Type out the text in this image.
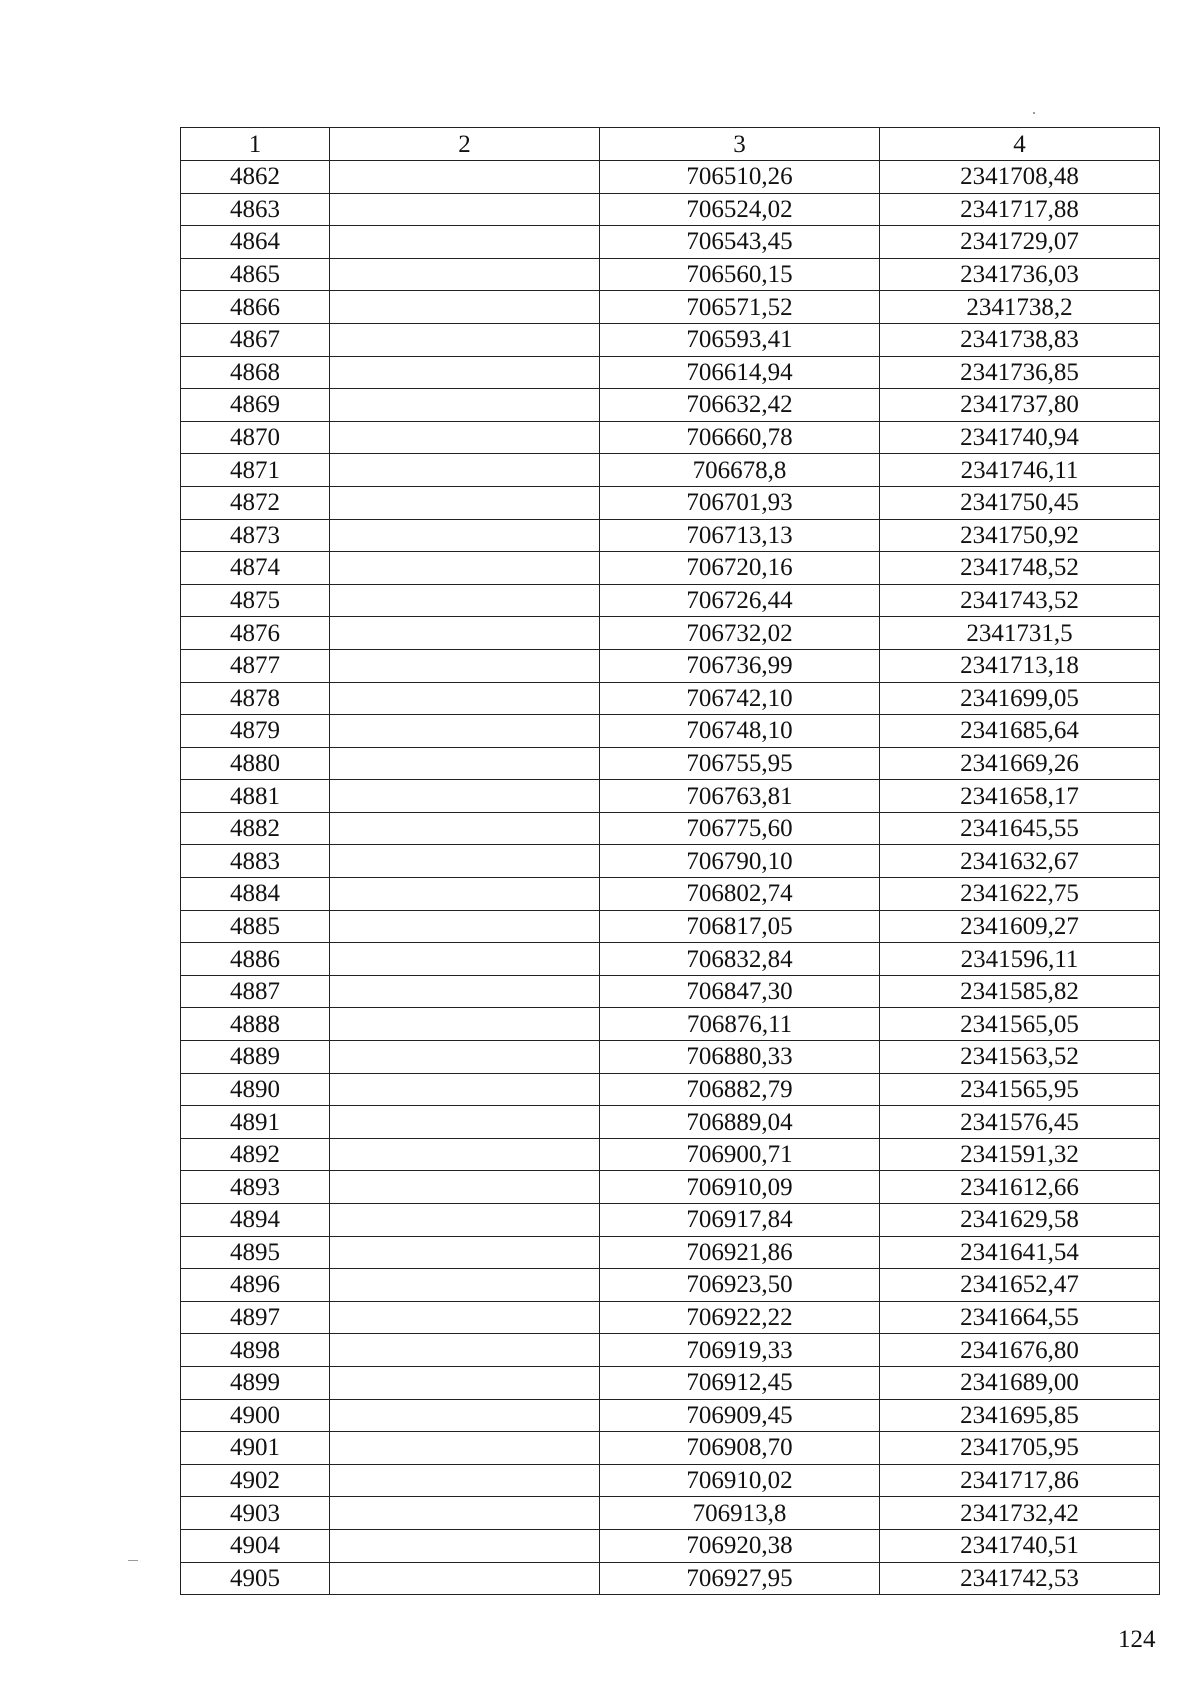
1	2	3	4
4862		706510,26	2341708,48
4863		706524,02	2341717,88
4864		706543,45	2341729,07
4865		706560,15	2341736,03
4866		706571,52	2341738,2
4867		706593,41	2341738,83
4868		706614,94	2341736,85
4869		706632,42	2341737,80
4870		706660,78	2341740,94
4871		706678,8	2341746,11
4872		706701,93	2341750,45
4873		706713,13	2341750,92
4874		706720,16	2341748,52
4875		706726,44	2341743,52
4876		706732,02	2341731,5
4877		706736,99	2341713,18
4878		706742,10	2341699,05
4879		706748,10	2341685,64
4880		706755,95	2341669,26
4881		706763,81	2341658,17
4882		706775,60	2341645,55
4883		706790,10	2341632,67
4884		706802,74	2341622,75
4885		706817,05	2341609,27
4886		706832,84	2341596,11
4887		706847,30	2341585,82
4888		706876,11	2341565,05
4889		706880,33	2341563,52
4890		706882,79	2341565,95
4891		706889,04	2341576,45
4892		706900,71	2341591,32
4893		706910,09	2341612,66
4894		706917,84	2341629,58
4895		706921,86	2341641,54
4896		706923,50	2341652,47
4897		706922,22	2341664,55
4898		706919,33	2341676,80
4899		706912,45	2341689,00
4900		706909,45	2341695,85
4901		706908,70	2341705,95
4902		706910,02	2341717,86
4903		706913,8	2341732,42
4904		706920,38	2341740,51
4905		706927,95	2341742,53
124
